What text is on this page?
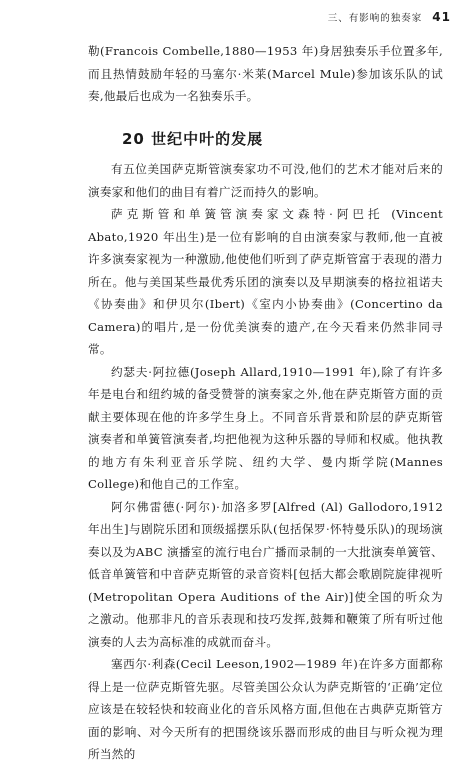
三、有影响的独奏家 41

勒(Francois Combelle,1880—1953 年)身居独奏乐手位置多年,而且热情鼓励年轻的马塞尔·米莱(Marcel Mule)参加该乐队的试奏,他最后也成为一名独奏乐手。

20 世纪中叶的发展

有五位美国萨克斯管演奏家功不可没,他们的艺术才能对后来的演奏家和他们的曲目有着广泛而持久的影响。

萨克斯管和单簧管演奏家文森特·阿巴托 (Vincent Abato,1920 年出生)是一位有影响的自由演奏家与教师,他一直被许多演奏家视为一种激励,他使他们听到了萨克斯管富于表现的潜力所在。他与美国某些最优秀乐团的演奏以及早期演奏的格拉祖诺夫《协奏曲》和伊贝尔(Ibert)《室内小协奏曲》(Concertino da Camera)的唱片,是一份优美演奏的遗产,在今天看来仍然非同寻常。

约瑟夫·阿拉德(Joseph Allard,1910—1991 年),除了有许多年是电台和纽约城的备受赞誉的演奏家之外,他在萨克斯管方面的贡献主要体现在他的许多学生身上。不同音乐背景和阶层的萨克斯管演奏者和单簧管演奏者,均把他视为这种乐器的导师和权威。他执教的地方有朱利亚音乐学院、纽约大学、曼内斯学院(Mannes College)和他自己的工作室。

阿尔佛雷德(·阿尔)·加洛多罗[Alfred (Al) Gallodoro,1912 年出生]与剧院乐团和顶级摇摆乐队(包括保罗·怀特曼乐队)的现场演奏以及为ABC 演播室的流行电台广播而录制的一大批演奏单簧管、低音单簧管和中音萨克斯管的录音资料[包括大都会歌剧院旋律视听(Metropolitan Opera Auditions of the Air)]使全国的听众为之激动。他那非凡的音乐表现和技巧发挥,鼓舞和鞭策了所有听过他演奏的人去为高标准的成就而奋斗。

塞西尔·利森(Cecil Leeson,1902—1989 年)在许多方面都称得上是一位萨克斯管先驱。尽管美国公众认为萨克斯管的‘正确’定位应该是在较轻快和较商业化的音乐风格方面,但他在古典萨克斯管方面的影响、对今天所有的把围绕该乐器而形成的曲目与听众视为理所当然的
